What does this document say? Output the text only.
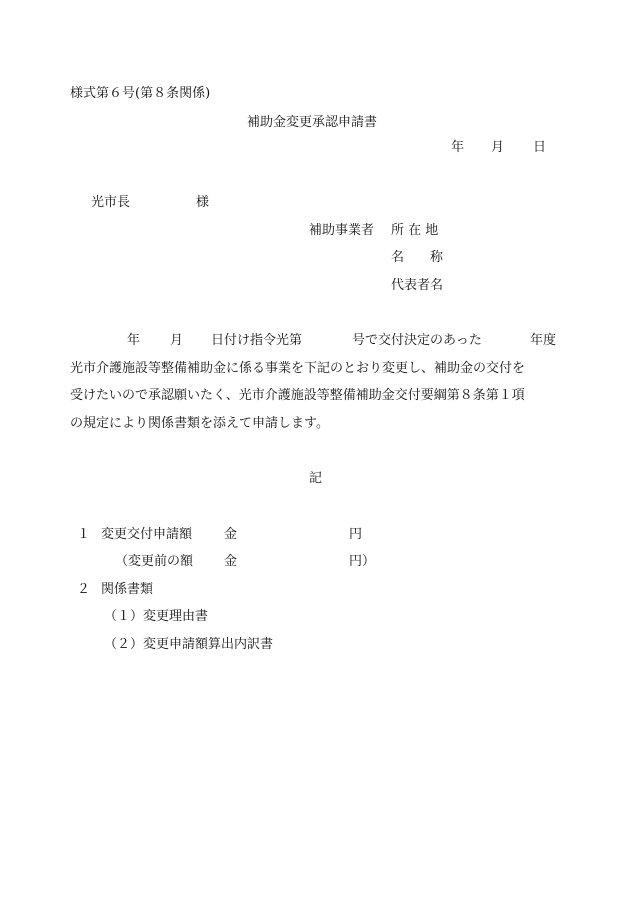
様式第６号(第８条関係)
補助金変更承認申請書
年 月 日
光市長	様
補助事業者 所 在 地
名　　称
代表者名
年 月 日付け指令光第	号で交付決定のあった	年度
光市介護施設等整備補助金に係る事業を下記のとおり変更し、補助金の交付を
受けたいので承認願いたく、光市介護施設等整備補助金交付要綱第８条第１項
の規定により関係書類を添えて申請します。
記
１ 変更交付申請額 金	円
（変更前の額 金	円）
２ 関係書類
（１）変更理由書
（２）変更申請額算出内訳書
